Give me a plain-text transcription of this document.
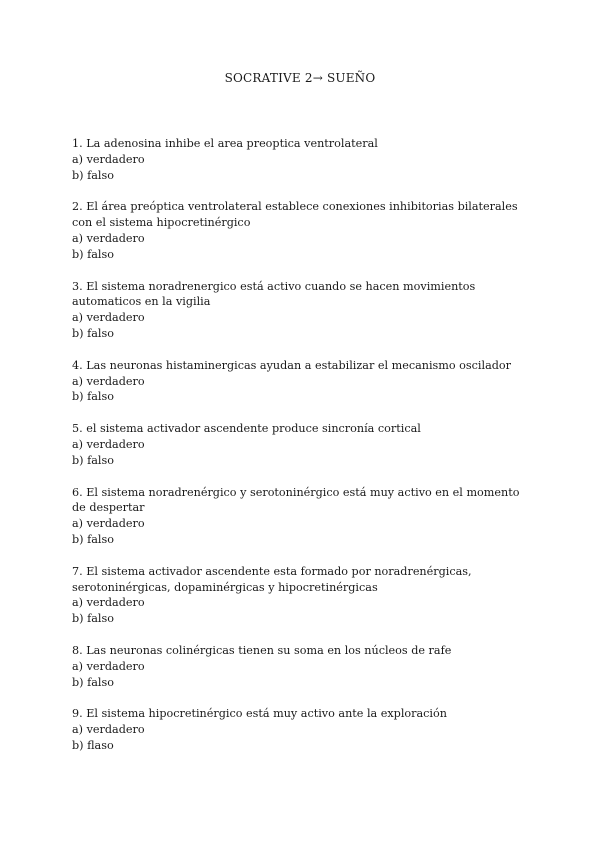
SOCRATIVE 2→ SUEÑO
1. La adenosina inhibe el area preoptica ventrolateral
a) verdadero
b) falso
2. El área preóptica ventrolateral establece conexiones inhibitorias bilaterales con el sistema hipocretinérgico
a) verdadero
b) falso
3. El sistema noradrenergico está activo cuando se hacen movimientos automaticos en la vigilia
a) verdadero
b) falso
4. Las neuronas histaminergicas ayudan a estabilizar el mecanismo oscilador
a) verdadero
b) falso
5. el sistema activador ascendente produce sincronía cortical
a) verdadero
b) falso
6. El sistema noradrenérgico y serotoninérgico está muy activo en el momento de despertar
a) verdadero
b) falso
7. El sistema activador ascendente esta formado por noradrenérgicas, serotoninérgicas, dopaminérgicas y hipocretinérgicas
a) verdadero
b) falso
8. Las neuronas colinérgicas tienen su soma en los núcleos de rafe
a) verdadero
b) falso
9. El sistema hipocretinérgico está muy activo ante la exploración
a) verdadero
b) flaso
